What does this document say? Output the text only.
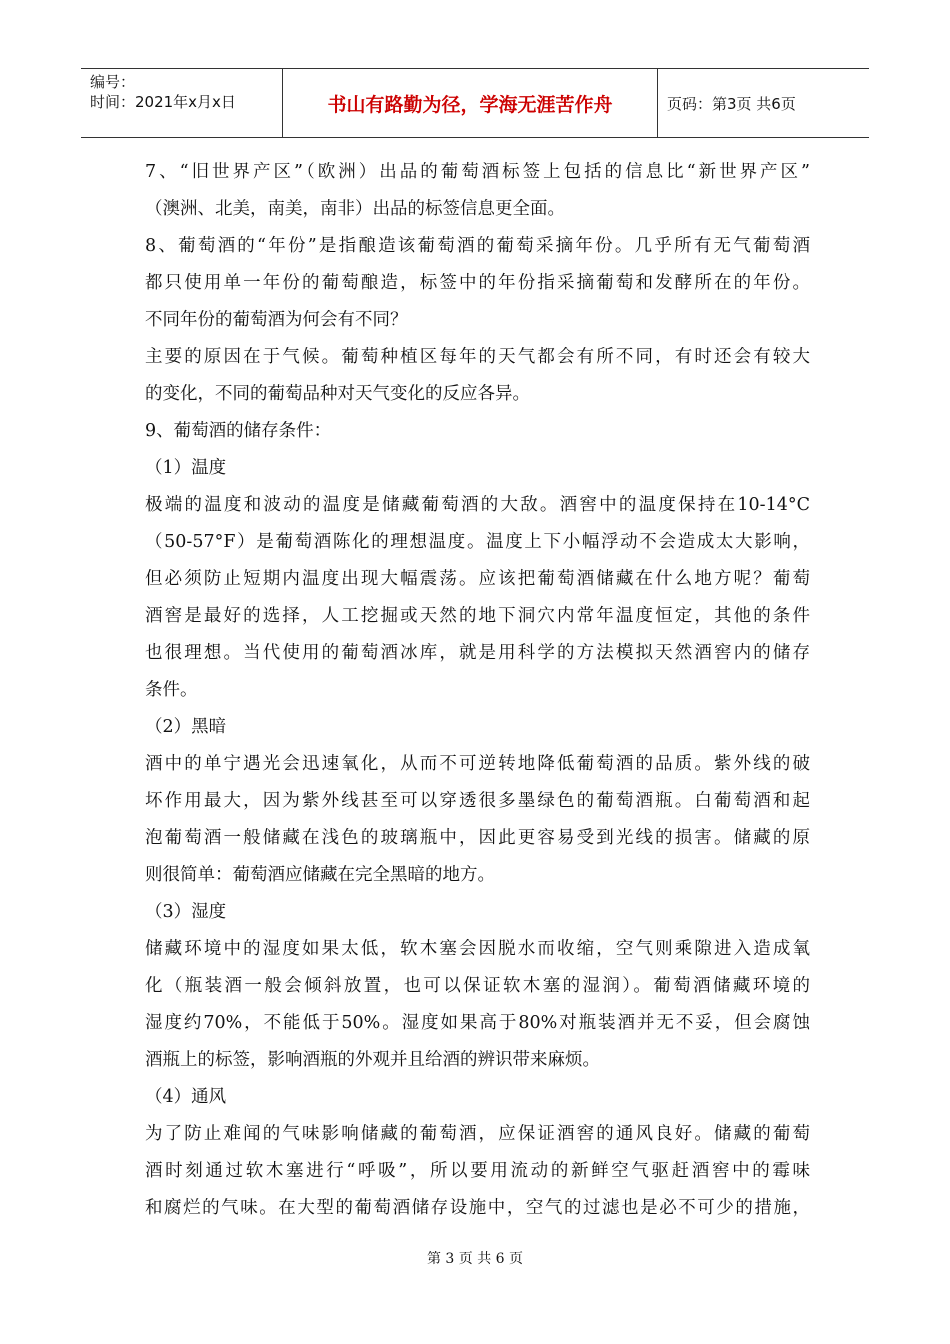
编号：
时间：2021年x月x日	书山有路勤为径，学海无涯苦作舟	页码：第3页 共6页
7、“旧世界产区”（欧洲）出品的葡萄酒标签上包括的信息比“新世界产区”
（澳洲、北美，南美，南非）出品的标签信息更全面。
8、葡萄酒的“年份”是指酿造该葡萄酒的葡萄采摘年份。几乎所有无气葡萄酒
都只使用单一年份的葡萄酿造，标签中的年份指采摘葡萄和发酵所在的年份。
不同年份的葡萄酒为何会有不同？
主要的原因在于气候。葡萄种植区每年的天气都会有所不同，有时还会有较大
的变化，不同的葡萄品种对天气变化的反应各异。
9、葡萄酒的储存条件：
（1）温度
极端的温度和波动的温度是储藏葡萄酒的大敌。酒窖中的温度保持在10-14°C
（50-57°F）是葡萄酒陈化的理想温度。温度上下小幅浮动不会造成太大影响，
但必须防止短期内温度出现大幅震荡。应该把葡萄酒储藏在什么地方呢？葡萄
酒窖是最好的选择，人工挖掘或天然的地下洞穴内常年温度恒定，其他的条件
也很理想。当代使用的葡萄酒冰库，就是用科学的方法模拟天然酒窖内的储存
条件。
（2）黑暗
酒中的单宁遇光会迅速氧化，从而不可逆转地降低葡萄酒的品质。紫外线的破
坏作用最大，因为紫外线甚至可以穿透很多墨绿色的葡萄酒瓶。白葡萄酒和起
泡葡萄酒一般储藏在浅色的玻璃瓶中，因此更容易受到光线的损害。储藏的原
则很简单：葡萄酒应储藏在完全黑暗的地方。
（3）湿度
储藏环境中的湿度如果太低，软木塞会因脱水而收缩，空气则乘隙进入造成氧
化（瓶装酒一般会倾斜放置，也可以保证软木塞的湿润）。葡萄酒储藏环境的
湿度约70%，不能低于50%。湿度如果高于80%对瓶装酒并无不妥，但会腐蚀
酒瓶上的标签，影响酒瓶的外观并且给酒的辨识带来麻烦。
（4）通风
为了防止难闻的气味影响储藏的葡萄酒，应保证酒窖的通风良好。储藏的葡萄
酒时刻通过软木塞进行“呼吸”，所以要用流动的新鲜空气驱赶酒窖中的霉味
和腐烂的气味。在大型的葡萄酒储存设施中，空气的过滤也是必不可少的措施，
第 3 页 共 6 页
